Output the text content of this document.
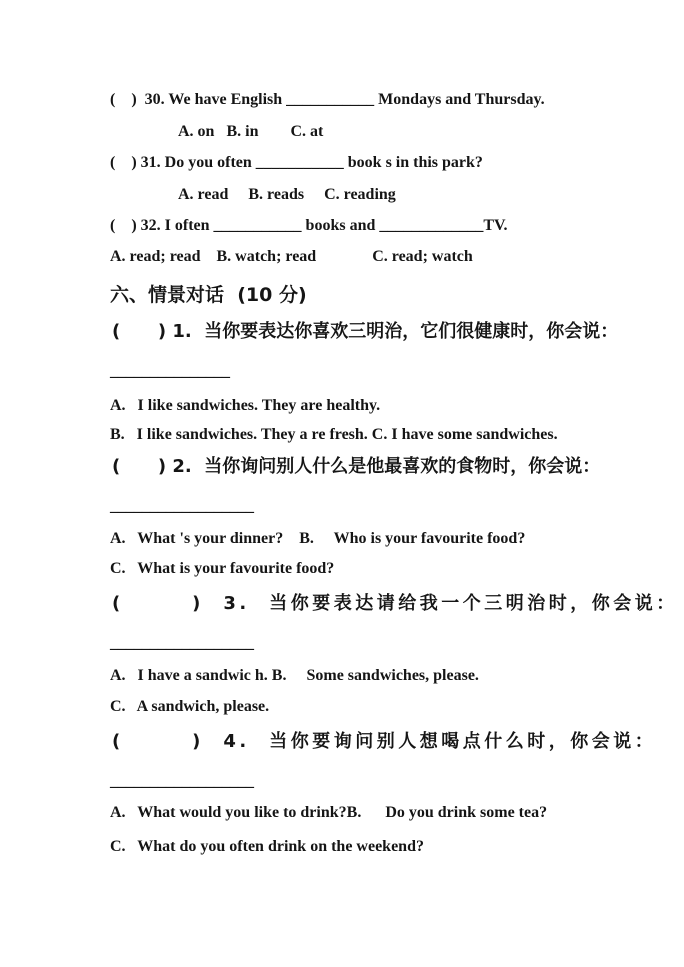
(    )  30. We have English ___________ Mondays and Thursday.
A. on   B. in        C. at
(    ) 31. Do you often ___________ book s in this park?
A. read     B. reads     C. reading
(    ) 32. I often ___________ books and _____________TV.
A. read; read    B. watch; read              C. read; watch
六、情景对话  (10 分)
(      ) 1.  当你要表达你喜欢三明治，它们很健康时，你会说：
_______________
A.   I like sandwiches. They are healthy.
B.   I like sandwiches. They a re fresh. C. I have some sandwiches.
(      ) 2.  当你询问别人什么是他最喜欢的食物时，你会说：
__________________
A.   What 's your dinner?    B.     Who is your favourite food?
C.   What is your favourite food?
(       )  3.  当你要表达请给我一个三明治时，你会说：
__________________
A.   I have a sandwic h. B.     Some sandwiches, please.
C.   A sandwich, please.
(       )  4.  当你要询问别人想喝点什么时，你会说：
__________________
A.   What would you like to drink?B.      Do you drink some tea?
C.   What do you often drink on the weekend?
